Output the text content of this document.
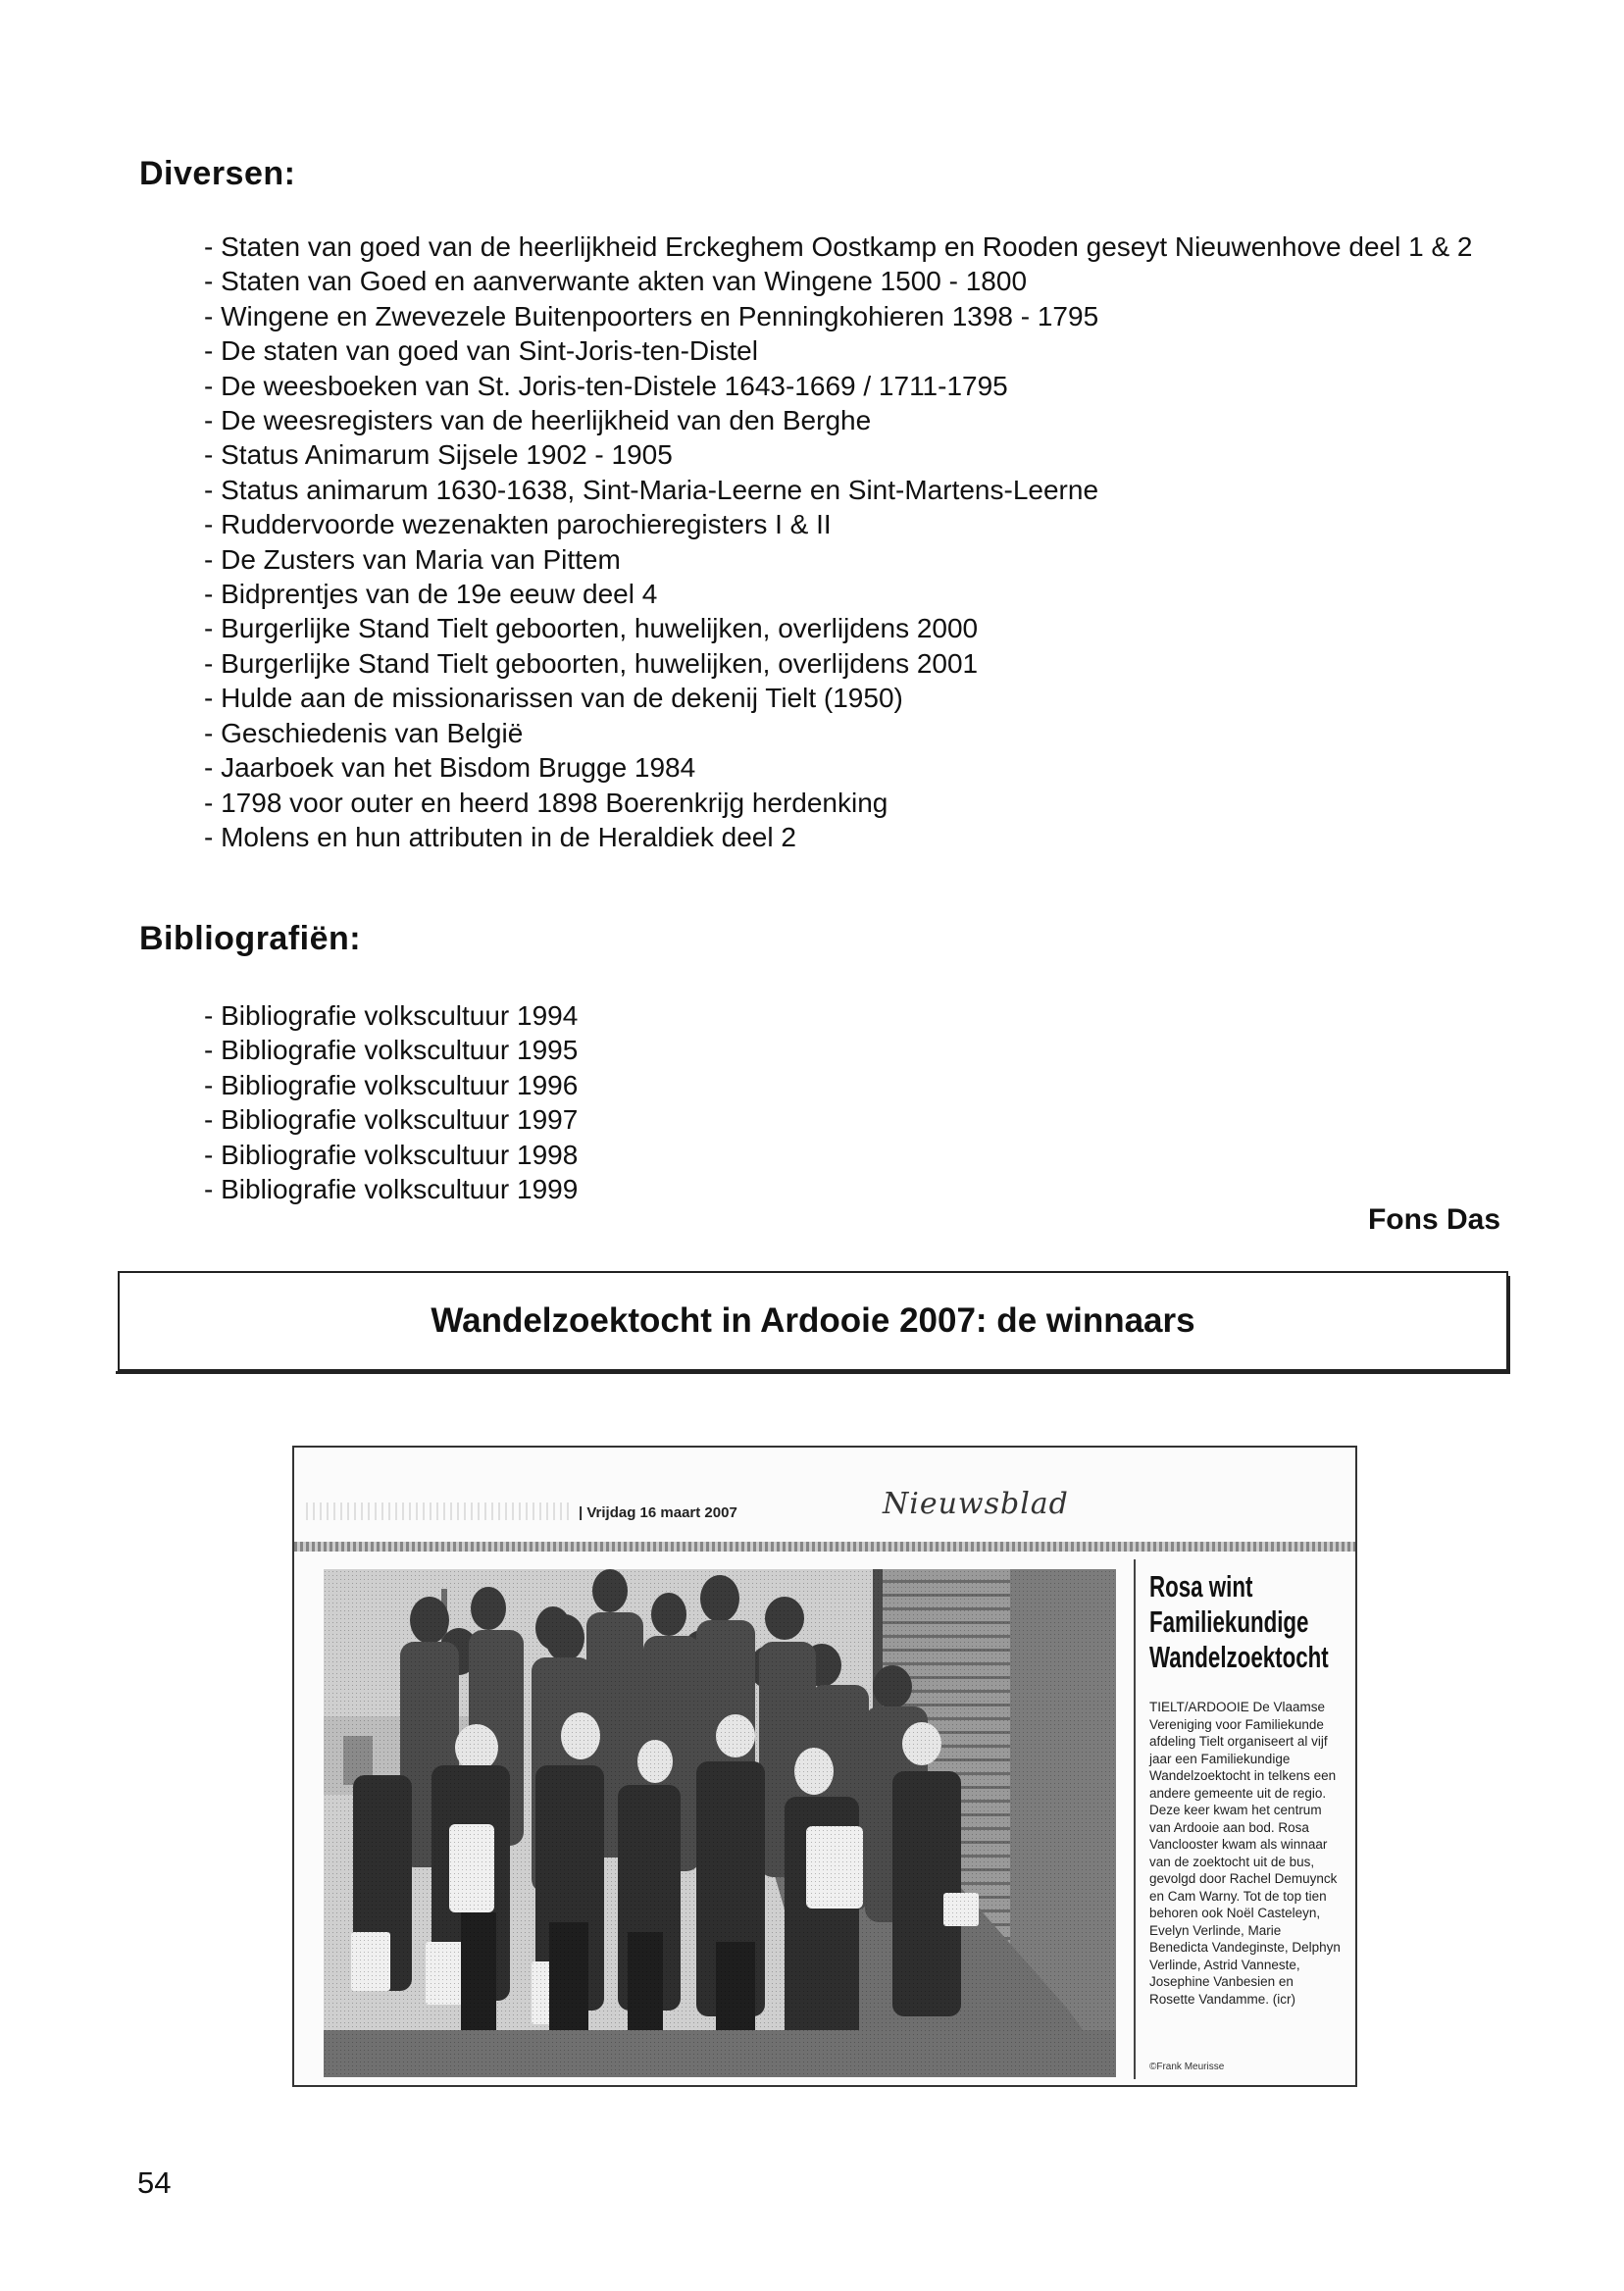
Diversen:
- Staten van goed van de heerlijkheid Erckeghem Oostkamp en Rooden geseyt Nieuwenhove deel 1 & 2
- Staten van Goed en aanverwante akten van Wingene 1500 - 1800
- Wingene en Zwevezele Buitenpoorters en Penningkohieren 1398 - 1795
- De staten van goed van Sint-Joris-ten-Distel
- De weesboeken van St. Joris-ten-Distele 1643-1669 / 1711-1795
- De weesregisters van de heerlijkheid van den Berghe
- Status Animarum Sijsele 1902 - 1905
- Status animarum 1630-1638, Sint-Maria-Leerne en Sint-Martens-Leerne
- Ruddervoorde wezenakten parochieregisters I & II
- De Zusters van Maria van Pittem
- Bidprentjes van de 19e eeuw deel 4
- Burgerlijke Stand Tielt geboorten, huwelijken, overlijdens 2000
- Burgerlijke Stand Tielt geboorten, huwelijken, overlijdens 2001
- Hulde aan de missionarissen van de dekenij Tielt (1950)
- Geschiedenis van België
- Jaarboek van het Bisdom Brugge 1984
- 1798 voor outer en heerd 1898 Boerenkrijg herdenking
- Molens en hun attributen in de Heraldiek deel 2
Bibliografiën:
- Bibliografie volkscultuur 1994
- Bibliografie volkscultuur 1995
- Bibliografie volkscultuur 1996
- Bibliografie volkscultuur 1997
- Bibliografie volkscultuur 1998
- Bibliografie volkscultuur 1999
Fons Das
Wandelzoektocht in Ardooie 2007: de winnaars
| Vrijdag 16 maart 2007	Nieuwsblad
Rosa wint Familiekundige Wandelzoektocht

TIELT/ARDOOIE De Vlaamse Vereniging voor Familiekunde afdeling Tielt organiseert al vijf jaar een Familiekundige Wandelzoektocht in telkens een andere gemeente uit de regio. Deze keer kwam het centrum van Ardooie aan bod. Rosa Vanclooster kwam als winnaar van de zoektocht uit de bus, gevolgd door Rachel Demuynck en Cam Warny. Tot de top tien behoren ook Noël Casteleyn, Evelyn Verlinde, Marie Benedicta Vandeginste, Delphyn Verlinde, Astrid Vanneste, Josephine Vanbesien en Rosette Vandamme. (icr)

©Frank Meurisse
54
